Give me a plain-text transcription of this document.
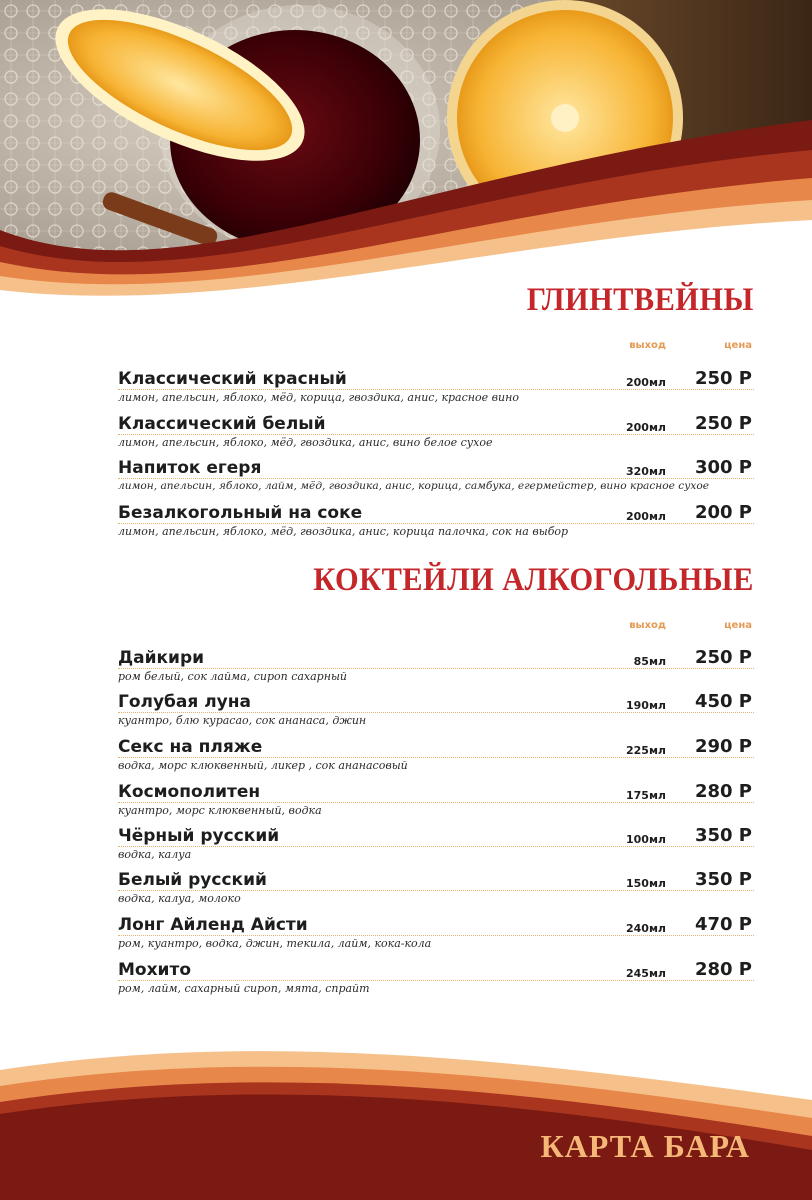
ГЛИНТВЕЙНЫ
выход	цена
Классический красный	200мл 250 Р
лимон, апельсин, яблоко, мёд, корица, гвоздика, анис, красное вино
Классический белый	200мл 250 Р
лимон, апельсин, яблоко, мёд, гвоздика, анис, вино белое сухое
Напиток егеря	320мл 300 Р
лимон, апельсин, яблоко, лайм, мёд, гвоздика, анис, корица, самбука, егермейстер, вино красное сухое
Безалкогольный на соке	200мл 200 Р
лимон, апельсин, яблоко, мёд, гвоздика, анис, корица палочка, сок на выбор
КОКТЕЙЛИ АЛКОГОЛЬНЫЕ
выход	цена
Дайкири	85мл 250 Р
ром белый, сок лайма, сироп сахарный
Голубая луна	190мл 450 Р
куантро, блю курасао, сок ананаса, джин
Секс на пляже	225мл 290 Р
водка, морс клюквенный, ликер , сок ананасовый
Космополитен	175мл 280 Р
куантро, морс клюквенный, водка
Чёрный русский	100мл 350 Р
водка, калуа
Белый русский	150мл 350 Р
водка, калуа, молоко
Лонг Айленд Айсти	240мл 470 Р
ром, куантро, водка, джин, текила, лайм, кока-кола
Мохито	245мл 280 Р
ром, лайм, сахарный сироп, мята, спрайт
КАРТА БАРА
